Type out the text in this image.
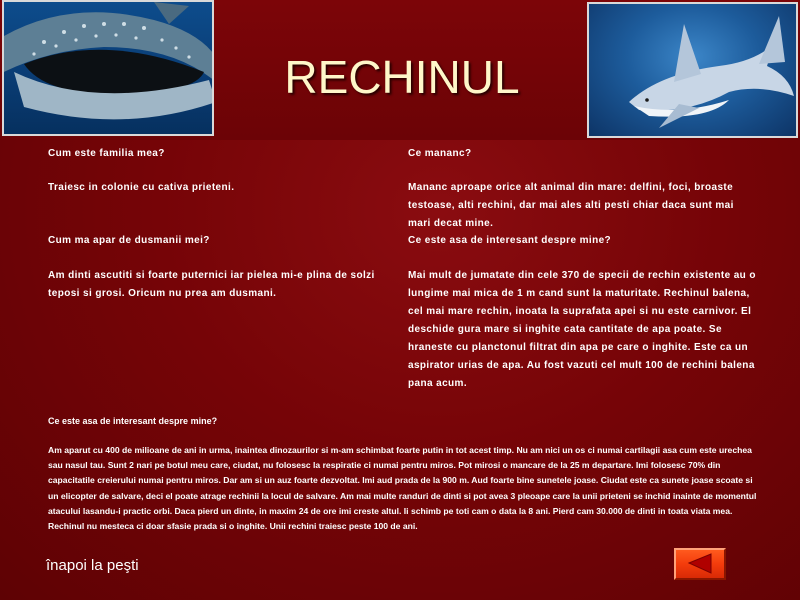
RECHINUL
Cum este familia mea?
Traiesc in colonie cu cativa prieteni.
Ce mananc?
Mananc aproape orice alt animal din mare: delfini, foci, broaste testoase, alti rechini, dar mai ales alti pesti chiar daca sunt mai mari decat mine.
Cum ma apar de dusmanii mei?
Am dinti ascutiti si foarte puternici iar pielea mi-e plina de solzi teposi si grosi. Oricum nu prea am dusmani.
Ce este asa de interesant despre mine?
Mai mult de jumatate din cele 370 de specii de rechin existente au o lungime mai mica de 1 m cand sunt la maturitate. Rechinul balena, cel mai mare rechin, inoata la suprafata apei si nu este carnivor. El deschide gura mare si inghite cata cantitate de apa poate. Se hraneste cu planctonul filtrat din apa pe care o inghite. Este ca un aspirator urias de apa. Au fost vazuti cel mult 100 de rechini balena pana acum.
Ce este asa de interesant despre mine?
Am aparut cu 400 de milioane de ani in urma, inaintea dinozaurilor si m-am schimbat foarte putin in tot acest timp. Nu am nici un os ci numai cartilagii asa cum este urechea sau nasul tau. Sunt 2 nari pe botul meu care, ciudat, nu folosesc la respiratie ci numai pentru miros. Pot mirosi o mancare de la 25 m departare. Imi folosesc 70% din capacitatile creierului numai pentru miros. Dar am si un auz foarte dezvoltat. Imi aud prada de la 900 m. Aud foarte bine sunetele joase. Ciudat este ca sunete joase scoate si un elicopter de salvare, deci el poate atrage rechinii la locul de salvare. Am mai multe randuri de dinti si pot avea 3 pleoape care la unii prieteni se inchid inainte de momentul atacului lasandu-i practic orbi. Daca pierd un dinte, in maxim 24 de ore imi creste altul. Ii schimb pe toti cam o data la 8 ani. Pierd cam 30.000 de dinti in toata viata mea. Rechinul nu mesteca ci doar sfasie prada si o inghite. Unii rechini traiesc peste 100 de ani.
înapoi la peşti
